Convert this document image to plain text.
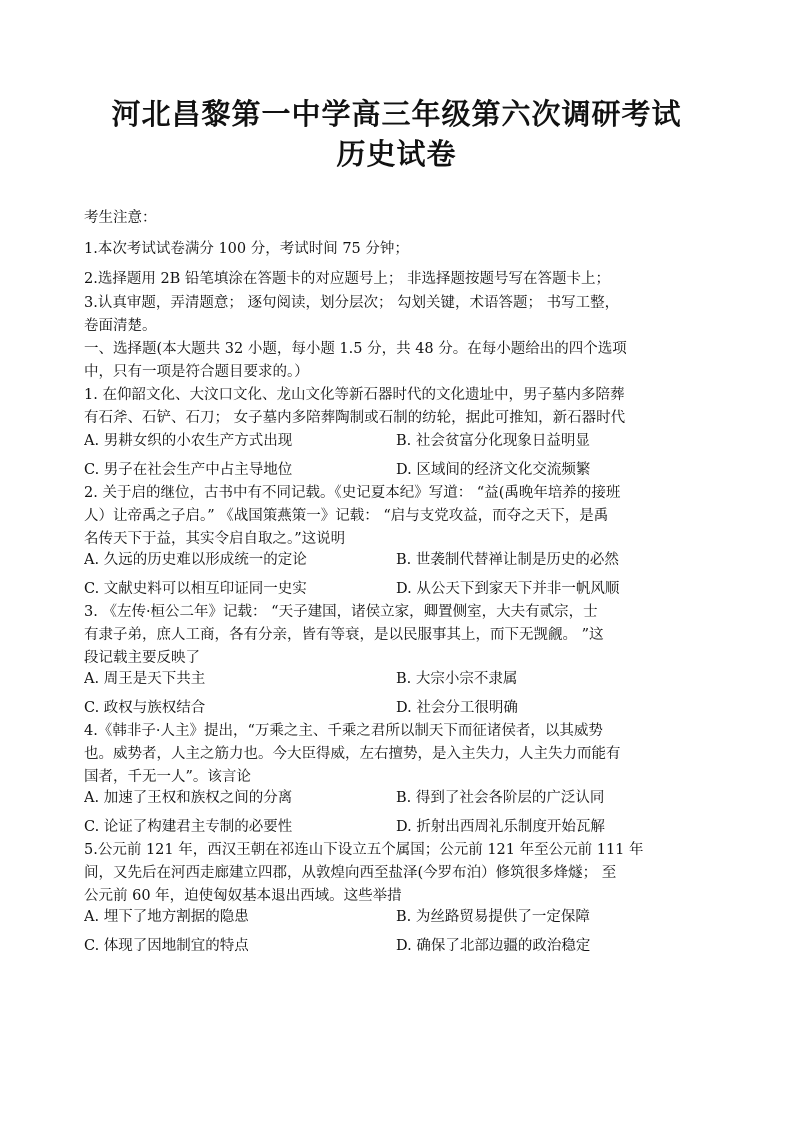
河北昌黎第一中学高三年级第六次调研考试
历史试卷
考生注意：
1.本次考试试卷满分 100 分，考试时间 75 分钟；
2.选择题用 2B 铅笔填涂在答题卡的对应题号上； 非选择题按题号写在答题卡上；
3.认真审题，弄清题意； 逐句阅读，划分层次； 勾划关键，术语答题； 书写工整，
卷面清楚。
一、选择题(本大题共 32 小题，每小题 1.5 分，共 48 分。在每小题给出的四个选项
中，只有一项是符合题目要求的。）
1. 在仰韶文化、大汶口文化、龙山文化等新石器时代的文化遗址中，男子墓内多陪葬
有石斧、石铲、石刀； 女子墓内多陪葬陶制或石制的纺轮，据此可推知，新石器时代
A. 男耕女织的小农生产方式出现	B. 社会贫富分化现象日益明显
C. 男子在社会生产中占主导地位	D. 区域间的经济文化交流频繁
2. 关于启的继位，古书中有不同记载。《史记夏本纪》写道： “益(禹晚年培养的接班
人）让帝禹之子启。” 《战国策燕策一》记载： “启与支党攻益，而夺之天下，是禹
名传天下于益，其实令启自取之。”这说明
A. 久远的历史难以形成统一的定论	B. 世袭制代替禅让制是历史的必然
C. 文献史料可以相互印证同一史实	D. 从公天下到家天下并非一帆风顺
3. 《左传·桓公二年》记载： “天子建国，诸侯立家，卿置侧室，大夫有贰宗，士
有隶子弟，庶人工商，各有分亲，皆有等衰，是以民服事其上，而下无觊觎。 ”这
段记载主要反映了
A. 周王是天下共主	B. 大宗小宗不隶属
C. 政权与族权结合	D. 社会分工很明确
4.《韩非子·人主》提出，“万乘之主、千乘之君所以制天下而征诸侯者，以其威势
也。威势者，人主之筋力也。今大臣得威，左右擅势，是入主失力，人主失力而能有
国者，千无一人”。该言论
A. 加速了王权和族权之间的分离	B. 得到了社会各阶层的广泛认同
C. 论证了构建君主专制的必要性	D. 折射出西周礼乐制度开始瓦解
5.公元前 121 年，西汉王朝在祁连山下设立五个属国；公元前 121 年至公元前 111 年
间，又先后在河西走廊建立四郡，从敦煌向西至盐泽(今罗布泊）修筑很多烽燧； 至
公元前 60 年，迫使匈奴基本退出西域。这些举措
A. 埋下了地方割据的隐患	B. 为丝路贸易提供了一定保障
C. 体现了因地制宜的特点	D. 确保了北部边疆的政治稳定
